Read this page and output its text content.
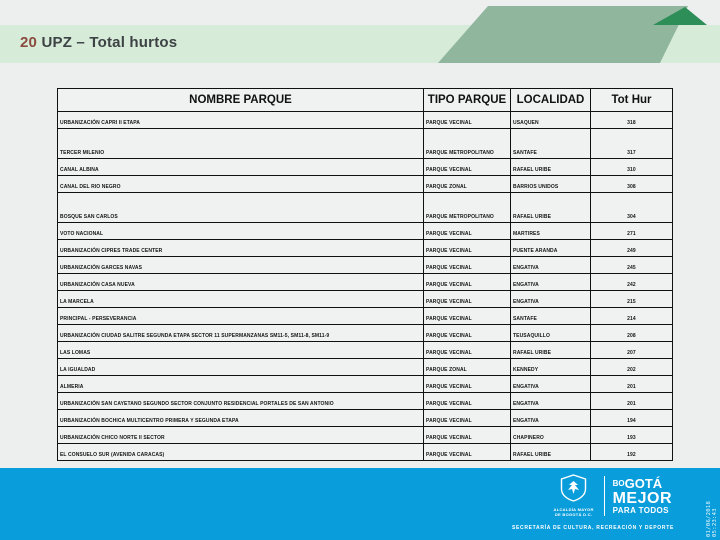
20 UPZ – Total hurtos
NOMBRE PARQUE	TIPO PARQUE	LOCALIDAD	Tot Hur
URBANIZACIÓN CAPRI II ETAPA	PARQUE VECINAL	USAQUEN	318
TERCER MILENIO	PARQUE METROPOLITANO	SANTAFE	317
CANAL ALBINA	PARQUE VECINAL	RAFAEL URIBE	310
CANAL DEL RIO NEGRO	PARQUE ZONAL	BARRIOS UNIDOS	308
BOSQUE SAN CARLOS	PARQUE METROPOLITANO	RAFAEL URIBE	304
VOTO NACIONAL	PARQUE VECINAL	MARTIRES	271
URBANIZACIÓN CIPRES TRADE CENTER	PARQUE VECINAL	PUENTE ARANDA	249
URBANIZACIÓN GARCES NAVAS	PARQUE VECINAL	ENGATIVA	245
URBANIZACIÓN CASA NUEVA	PARQUE VECINAL	ENGATIVA	242
LA MARCELA	PARQUE VECINAL	ENGATIVA	215
PRINCIPAL - PERSEVERANCIA	PARQUE VECINAL	SANTAFE	214
URBANIZACIÓN CIUDAD SALITRE SEGUNDA ETAPA SECTOR 11 SUPERMANZANAS SM11-5, SM11-8, SM11-9	PARQUE VECINAL	TEUSAQUILLO	208
LAS LOMAS	PARQUE VECINAL	RAFAEL URIBE	207
LA IGUALDAD	PARQUE ZONAL	KENNEDY	202
ALMERIA	PARQUE VECINAL	ENGATIVA	201
URBANIZACIÓN SAN CAYETANO SEGUNDO SECTOR CONJUNTO RESIDENCIAL PORTALES DE SAN ANTONIO	PARQUE VECINAL	ENGATIVA	201
URBANIZACIÓN BOCHICA MULTICENTRO PRIMERA Y SEGUNDA ETAPA	PARQUE VECINAL	ENGATIVA	194
URBANIZACIÓN CHICO NORTE II SECTOR	PARQUE VECINAL	CHAPINERO	193
EL CONSUELO SUR (AVENIDA CARACAS)	PARQUE VECINAL	RAFAEL URIBE	192
ALCALDÍA MAYOR
DE BOGOTÁ D.C.
BOGOTÁ
MEJOR
PARA TODOS
SECRETARÍA DE CULTURA, RECREACIÓN Y DEPORTE	01/06/2018 05:23:43
